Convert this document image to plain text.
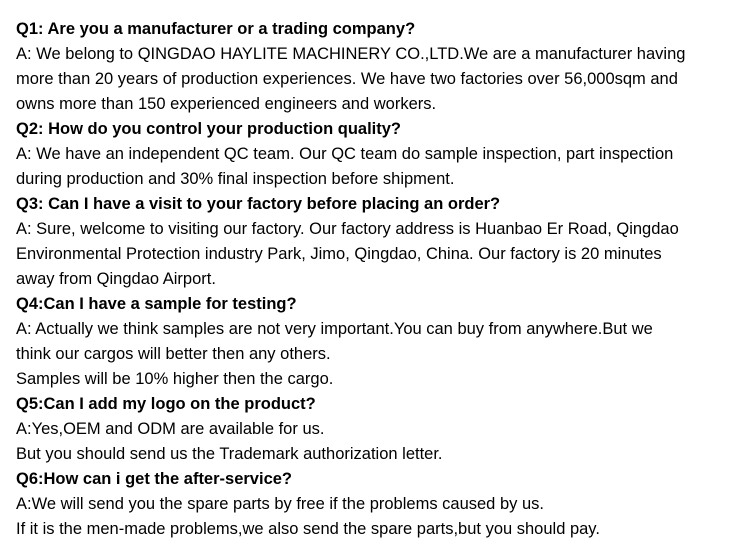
Q1: Are you a manufacturer or a trading company?
A: We belong to QINGDAO HAYLITE MACHINERY CO.,LTD.We are a manufacturer having
more than 20 years of production experiences. We have two factories over 56,000sqm and
owns more than 150 experienced engineers and workers.
Q2: How do you control your production quality?
A: We have an independent QC team. Our QC team do sample inspection, part inspection
during production and 30% final inspection before shipment.
Q3: Can I have a visit to your factory before placing an order?
A: Sure, welcome to visiting our factory. Our factory address is Huanbao Er Road, Qingdao
Environmental Protection industry Park, Jimo, Qingdao, China. Our factory is 20 minutes
away from Qingdao Airport.
Q4:Can I have a sample for testing?
A: Actually we think samples are not very important.You can buy from anywhere.But we
think our cargos will better then any others.
Samples will be 10% higher then the cargo.
Q5:Can I add my logo on the product?
A:Yes,OEM and ODM are available for us.
But you should send us the Trademark authorization letter.
Q6:How can i get the after-service?
A:We will send you the spare parts by free if the problems caused by us.
If it is the men-made problems,we also send the spare parts,but you should pay.
